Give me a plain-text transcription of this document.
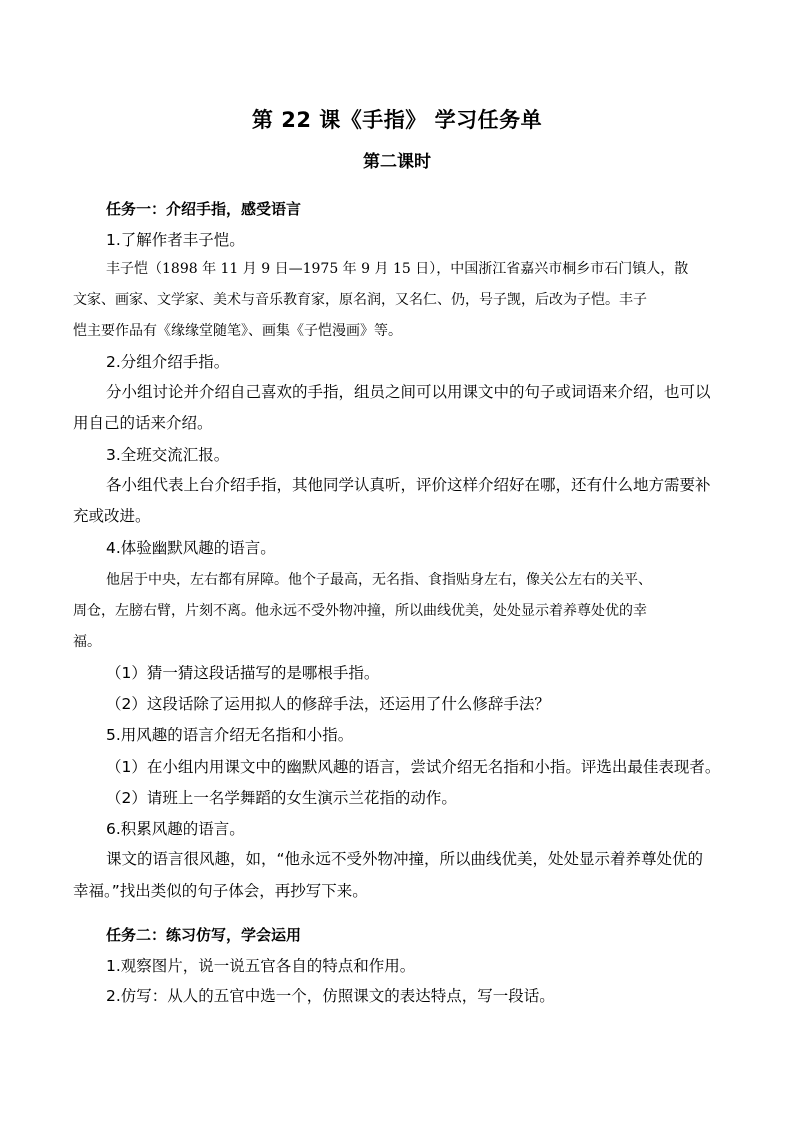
第 22 课《手指》 学习任务单
第二课时
任务一：介绍手指，感受语言
1.了解作者丰子恺。
丰子恺（1898 年 11 月 9 日—1975 年 9 月 15 日），中国浙江省嘉兴市桐乡市石门镇人，散
文家、画家、文学家、美术与音乐教育家，原名润，又名仁、仍，号子觊，后改为子恺。丰子
恺主要作品有《缘缘堂随笔》、画集《子恺漫画》等。
2.分组介绍手指。
分小组讨论并介绍自己喜欢的手指，组员之间可以用课文中的句子或词语来介绍，也可以
用自己的话来介绍。
3.全班交流汇报。
各小组代表上台介绍手指，其他同学认真听，评价这样介绍好在哪，还有什么地方需要补
充或改进。
4.体验幽默风趣的语言。
他居于中央，左右都有屏障。他个子最高，无名指、食指贴身左右，像关公左右的关平、
周仓，左膀右臂，片刻不离。他永远不受外物冲撞，所以曲线优美，处处显示着养尊处优的幸
福。
（1）猜一猜这段话描写的是哪根手指。
（2）这段话除了运用拟人的修辞手法，还运用了什么修辞手法？
5.用风趣的语言介绍无名指和小指。
（1）在小组内用课文中的幽默风趣的语言，尝试介绍无名指和小指。评选出最佳表现者。
（2）请班上一名学舞蹈的女生演示兰花指的动作。
6.积累风趣的语言。
课文的语言很风趣，如，“他永远不受外物冲撞，所以曲线优美，处处显示着养尊处优的
幸福。”找出类似的句子体会，再抄写下来。
任务二：练习仿写，学会运用
1.观察图片，说一说五官各自的特点和作用。
2.仿写：从人的五官中选一个，仿照课文的表达特点，写一段话。
